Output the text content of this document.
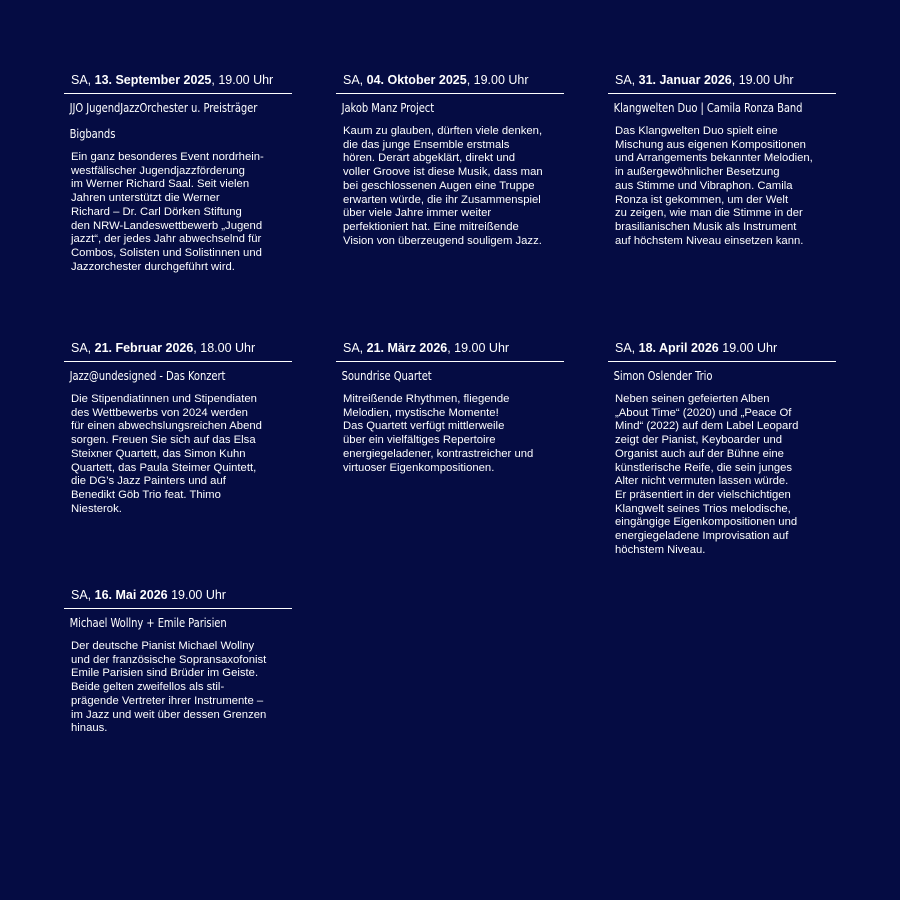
SA, 13. September 2025, 19.00 Uhr
JJO JugendJazzOrchester u. Preisträger
Bigbands
Ein ganz besonderes Event nordrhein-
westfälischer Jugendjazzförderung
im Werner Richard Saal. Seit vielen
Jahren unterstützt die Werner
Richard – Dr. Carl Dörken Stiftung
den NRW-Landeswettbewerb „Jugend
jazzt“, der jedes Jahr abwechselnd für
Combos, Solisten und Solistinnen und
Jazzorchester durchgeführt wird.
SA, 04. Oktober 2025, 19.00 Uhr
Jakob Manz Project
Kaum zu glauben, dürften viele denken,
die das junge Ensemble erstmals
hören. Derart abgeklärt, direkt und
voller Groove ist diese Musik, dass man
bei geschlossenen Augen eine Truppe
erwarten würde, die ihr Zusammenspiel
über viele Jahre immer weiter
perfektioniert hat. Eine mitreißende
Vision von überzeugend souligem Jazz.
SA, 31. Januar 2026, 19.00 Uhr
Klangwelten Duo | Camila Ronza Band
Das Klangwelten Duo spielt eine
Mischung aus eigenen Kompositionen
und Arrangements bekannter Melodien,
in außergewöhnlicher Besetzung
aus Stimme und Vibraphon. Camila
Ronza ist gekommen, um der Welt
zu zeigen, wie man die Stimme in der
brasilianischen Musik als Instrument
auf höchstem Niveau einsetzen kann.
SA, 21. Februar 2026, 18.00 Uhr
Jazz@undesigned - Das Konzert
Die Stipendiatinnen und Stipendiaten
des Wettbewerbs von 2024 werden
für einen abwechslungsreichen Abend
sorgen. Freuen Sie sich auf das Elsa
Steixner Quartett, das Simon Kuhn
Quartett, das Paula Steimer Quintett,
die DG’s Jazz Painters und auf
Benedikt Göb Trio feat. Thimo
Niesterok.
SA, 21. März 2026, 19.00 Uhr
Soundrise Quartet
Mitreißende Rhythmen, fliegende
Melodien, mystische Momente!
Das Quartett verfügt mittlerweile
über ein vielfältiges Repertoire
energiegeladener, kontrastreicher und
virtuoser Eigenkompositionen.
SA, 18. April 2026 19.00 Uhr
Simon Oslender Trio
Neben seinen gefeierten Alben
„About Time“ (2020) und „Peace Of
Mind“ (2022) auf dem Label Leopard
zeigt der Pianist, Keyboarder und
Organist auch auf der Bühne eine
künstlerische Reife, die sein junges
Alter nicht vermuten lassen würde.
Er präsentiert in der vielschichtigen
Klangwelt seines Trios melodische,
eingängige Eigenkompositionen und
energiegeladene Improvisation auf
höchstem Niveau.
SA, 16. Mai 2026 19.00 Uhr
Michael Wollny + Emile Parisien
Der deutsche Pianist Michael Wollny
und der französische Sopransaxofonist
Emile Parisien sind Brüder im Geiste.
Beide gelten zweifellos als stil-
prägende Vertreter ihrer Instrumente –
im Jazz und weit über dessen Grenzen
hinaus.
